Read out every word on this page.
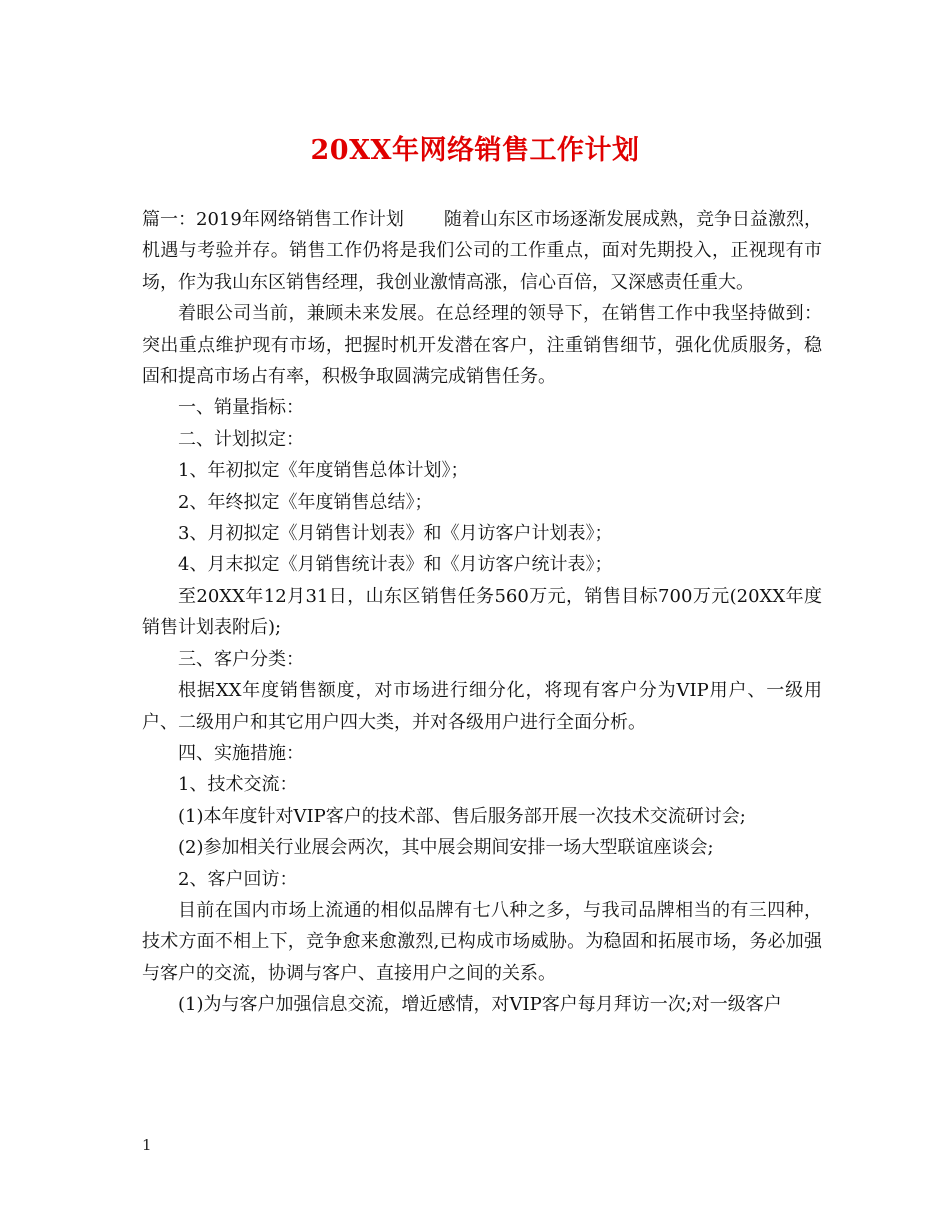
20XX年网络销售工作计划

篇一：2019年网络销售工作计划 随着山东区市场逐渐发展成熟，竞争日益激烈，机遇与考验并存。销售工作仍将是我们公司的工作重点，面对先期投入，正视现有市场，作为我山东区销售经理，我创业激情高涨，信心百倍，又深感责任重大。

着眼公司当前，兼顾未来发展。在总经理的领导下，在销售工作中我坚持做到：突出重点维护现有市场，把握时机开发潜在客户，注重销售细节，强化优质服务，稳固和提高市场占有率，积极争取圆满完成销售任务。

一、销量指标：

二、计划拟定：

1、年初拟定《年度销售总体计划》；

2、年终拟定《年度销售总结》；

3、月初拟定《月销售计划表》和《月访客户计划表》；

4、月末拟定《月销售统计表》和《月访客户统计表》；

至20XX年12月31日，山东区销售任务560万元，销售目标700万元(20XX年度销售计划表附后);

三、客户分类：

根据XX年度销售额度，对市场进行细分化，将现有客户分为VIP用户、一级用户、二级用户和其它用户四大类，并对各级用户进行全面分析。

四、实施措施：

1、技术交流：

(1)本年度针对VIP客户的技术部、售后服务部开展一次技术交流研讨会;

(2)参加相关行业展会两次，其中展会期间安排一场大型联谊座谈会;

2、客户回访：

目前在国内市场上流通的相似品牌有七八种之多，与我司品牌相当的有三四种，技术方面不相上下，竞争愈来愈激烈,已构成市场威胁。为稳固和拓展市场，务必加强与客户的交流，协调与客户、直接用户之间的关系。

(1)为与客户加强信息交流，增近感情，对VIP客户每月拜访一次;对一级客户

1
